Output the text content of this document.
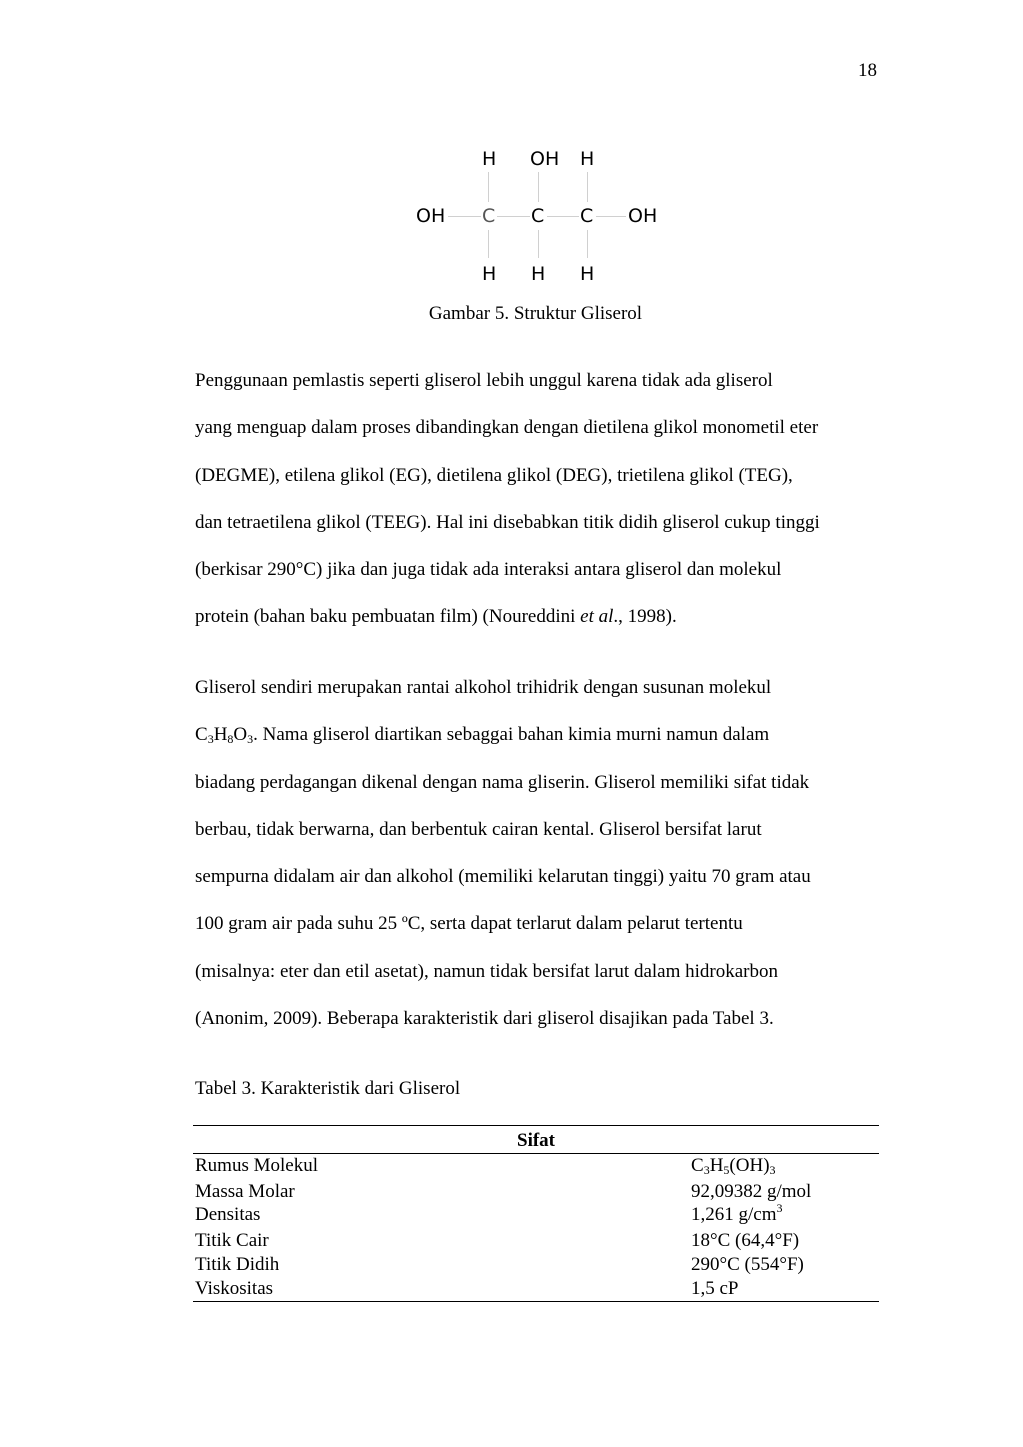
18
H OH H
OH C C C OH
H H H
Gambar 5. Struktur Gliserol

Penggunaan pemlastis seperti gliserol lebih unggul karena tidak ada gliserol
yang menguap dalam proses dibandingkan dengan dietilena glikol monometil eter
(DEGME), etilena glikol (EG), dietilena glikol (DEG), trietilena glikol (TEG),
dan tetraetilena glikol (TEEG). Hal ini disebabkan titik didih gliserol cukup tinggi
(berkisar 290°C) jika dan juga tidak ada interaksi antara gliserol dan molekul
protein (bahan baku pembuatan film) (Noureddini et al., 1998).

Gliserol sendiri merupakan rantai alkohol trihidrik dengan susunan molekul
$C_3H_8O_3$. Nama gliserol diartikan sebaggai bahan kimia murni namun dalam
biadang perdagangan dikenal dengan nama gliserin. Gliserol memiliki sifat tidak
berbau, tidak berwarna, dan berbentuk cairan kental. Gliserol bersifat larut
sempurna didalam air dan alkohol (memiliki kelarutan tinggi) yaitu 70 gram atau
100 gram air pada suhu 25 ºC, serta dapat terlarut dalam pelarut tertentu
(misalnya: eter dan etil asetat), namun tidak bersifat larut dalam hidrokarbon
(Anonim, 2009). Beberapa karakteristik dari gliserol disajikan pada Tabel 3.

Tabel 3. Karakteristik dari Gliserol
Sifat	
Rumus Molekul	$C_3H_5(OH)_3$
Massa Molar	92,09382 g/mol
Densitas	1,261 $g/cm^3$
Titik Cair	18°C (64,4°F)
Titik Didih	290°C (554°F)
Viskositas	1,5 cP
